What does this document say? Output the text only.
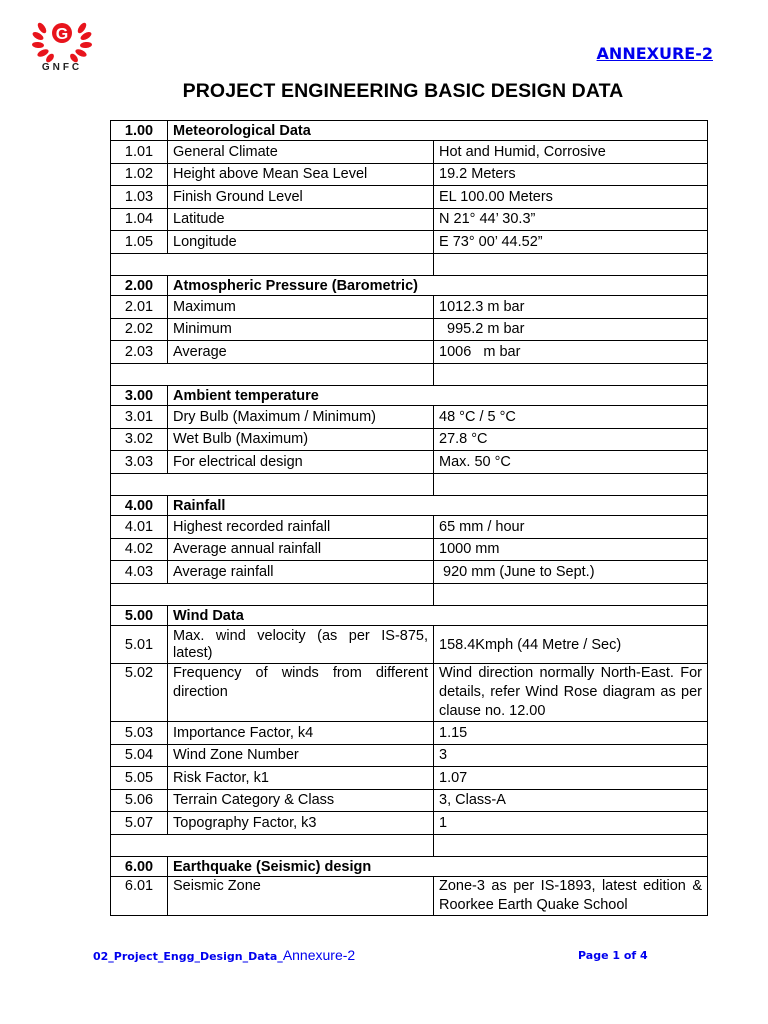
G
GNFC
ANNEXURE-2
PROJECT ENGINEERING BASIC DESIGN DATA
1.00	Meteorological Data	
1.01	General Climate	Hot and Humid, Corrosive
1.02	Height above Mean Sea Level	19.2 Meters
1.03	Finish Ground Level	EL 100.00 Meters
1.04	Latitude	N 21° 44’ 30.3”
1.05	Longitude	E 73° 00’ 44.52”

2.00	Atmospheric Pressure (Barometric)	
2.01	Maximum	1012.3 m bar
2.02	Minimum	995.2 m bar
2.03	Average	1006   m bar

3.00	Ambient temperature	
3.01	Dry Bulb (Maximum / Minimum)	48 °C / 5 °C
3.02	Wet Bulb (Maximum)	27.8 °C
3.03	For electrical design	Max. 50 °C

4.00	Rainfall	
4.01	Highest recorded rainfall	65 mm / hour
4.02	Average annual rainfall	1000 mm
4.03	Average rainfall	920 mm (June to Sept.)

5.00	Wind Data	
5.01	Max. wind velocity (as per IS-875, latest)	158.4Kmph (44 Metre / Sec)
5.02	Frequency of winds from different direction	Wind direction normally North-East. For details, refer Wind Rose diagram as per clause no. 12.00
5.03	Importance Factor, k4	1.15
5.04	Wind Zone Number	3
5.05	Risk Factor, k1	1.07
5.06	Terrain Category & Class	3, Class-A
5.07	Topography Factor, k3	1

6.00	Earthquake (Seismic) design	
6.01	Seismic Zone	Zone-3 as per IS-1893, latest edition & Roorkee Earth Quake School
02_Project_Engg_Design_Data_Annexure-2	Page 1 of 4
